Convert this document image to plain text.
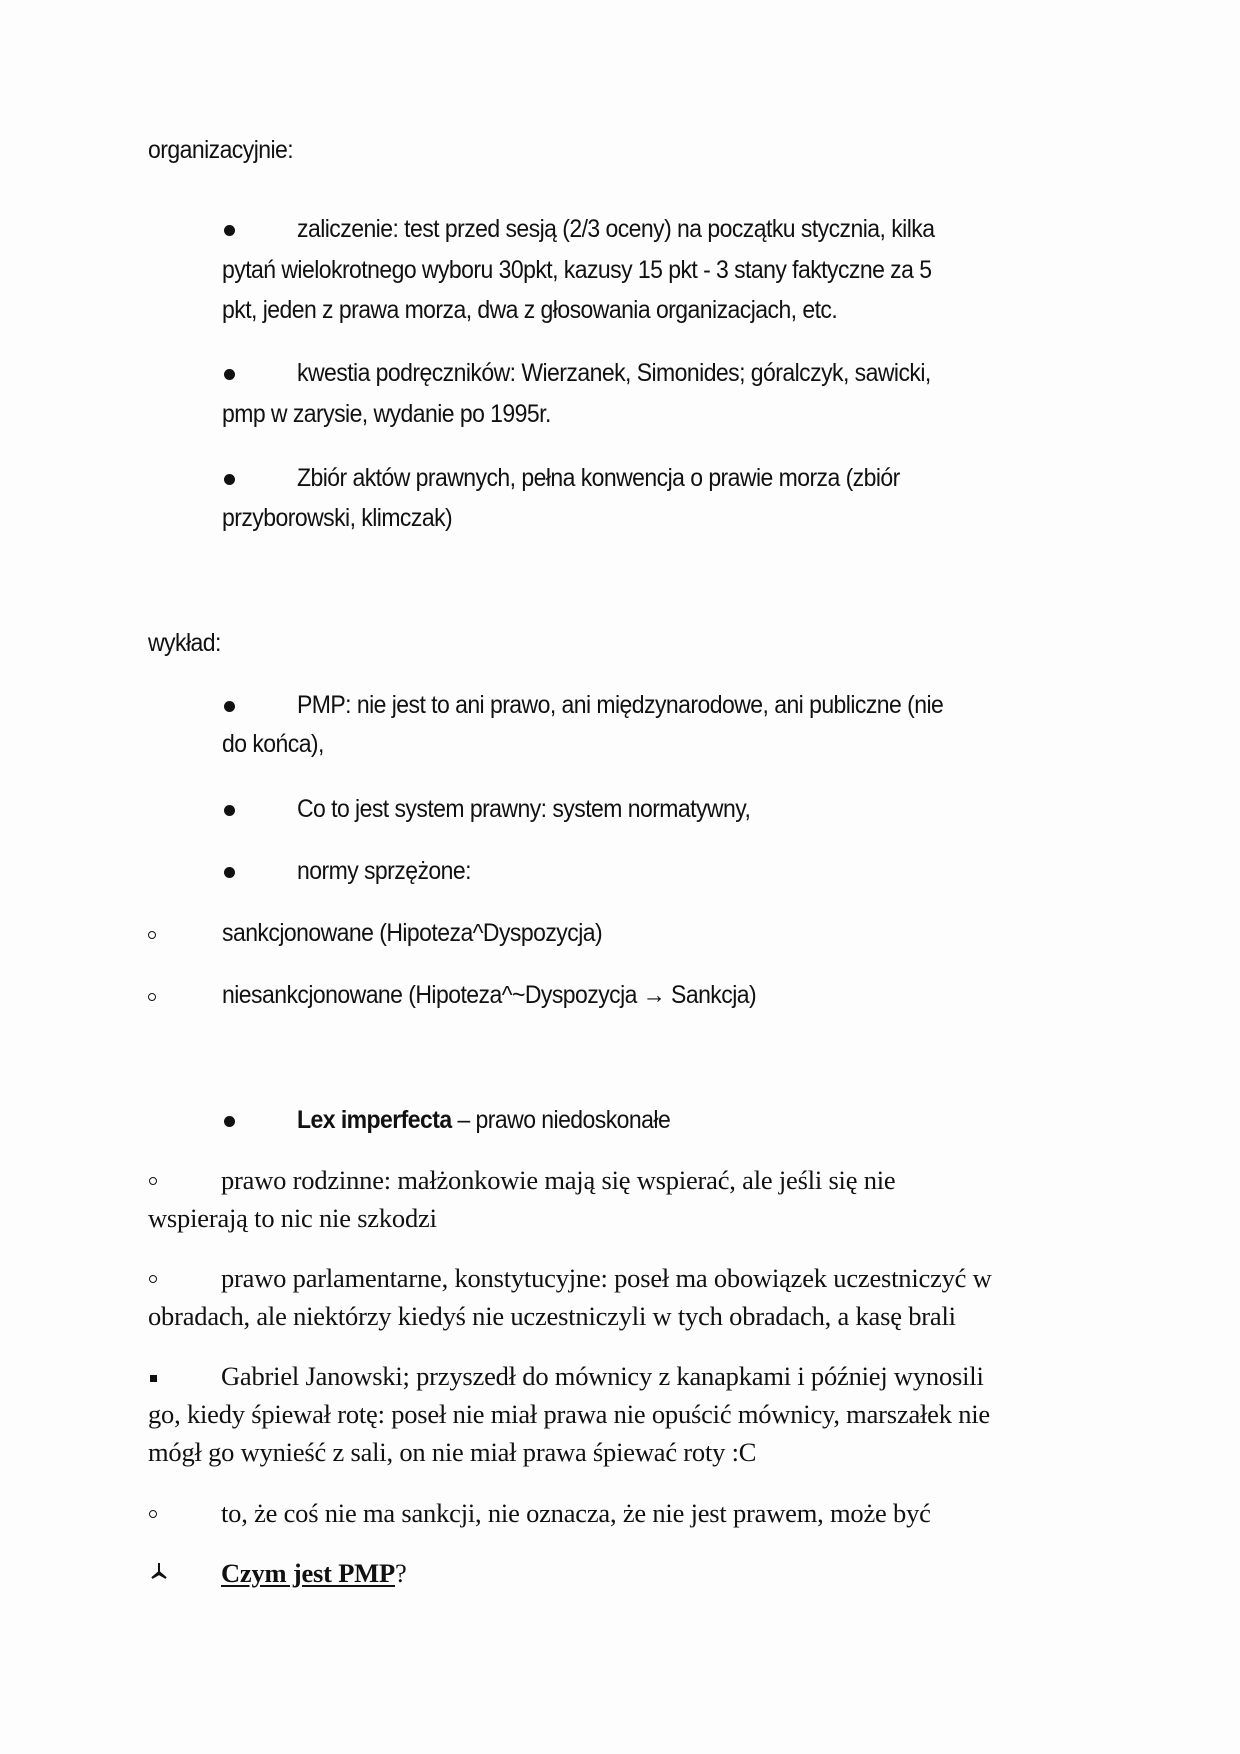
organizacyjnie:
zaliczenie: test przed sesją (2/3 oceny) na początku stycznia, kilka
pytań wielokrotnego wyboru 30pkt, kazusy 15 pkt - 3 stany faktyczne za 5
pkt, jeden z prawa morza, dwa z głosowania organizacjach, etc.
kwestia podręczników: Wierzanek, Simonides; góralczyk, sawicki,
pmp w zarysie, wydanie po 1995r.
Zbiór aktów prawnych, pełna konwencja o prawie morza (zbiór
przyborowski, klimczak)
wykład:
PMP: nie jest to ani prawo, ani międzynarodowe, ani publiczne (nie
do końca),
Co to jest system prawny: system normatywny,
normy sprzężone:
sankcjonowane (Hipoteza^Dyspozycja)
niesankcjonowane (Hipoteza^~Dyspozycja → Sankcja)
Lex imperfecta – prawo niedoskonałe
prawo rodzinne: małżonkowie mają się wspierać, ale jeśli się nie
wspierają to nic nie szkodzi
prawo parlamentarne, konstytucyjne: poseł ma obowiązek uczestniczyć w
obradach, ale niektórzy kiedyś nie uczestniczyli w tych obradach, a kasę brali
Gabriel Janowski; przyszedł do mównicy z kanapkami i później wynosili
go, kiedy śpiewał rotę: poseł nie miał prawa nie opuścić mównicy, marszałek nie
mógł go wynieść z sali, on nie miał prawa śpiewać roty :C
to, że coś nie ma sankcji, nie oznacza, że nie jest prawem, może być
Czym jest PMP?
